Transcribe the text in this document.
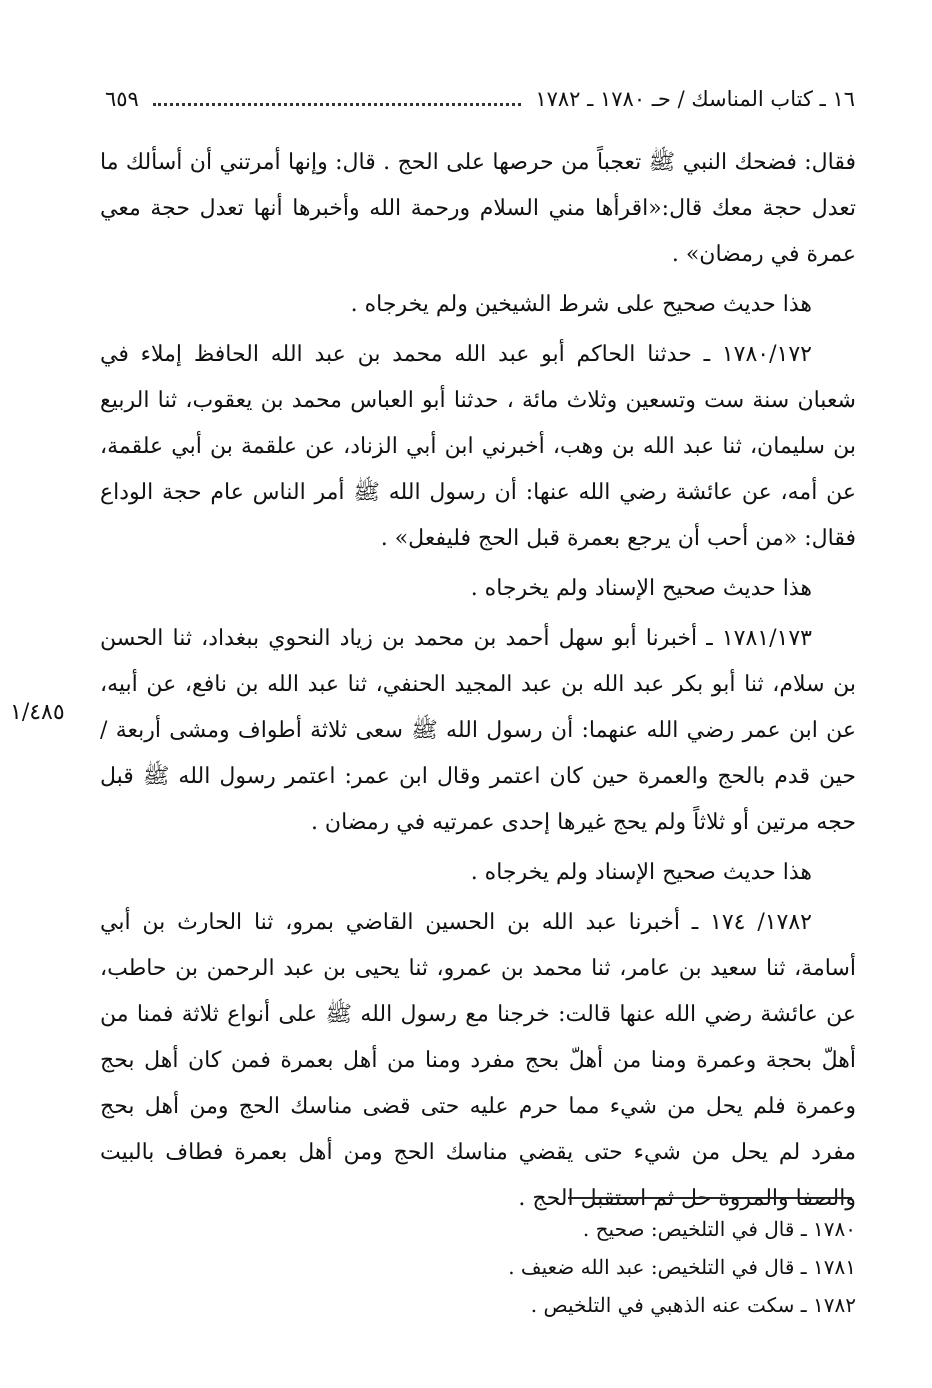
١٦ ـ كتاب المناسك / حـ ١٧٨٠ ـ ١٧٨٢
٦٥٩

فقال: فضحك النبي ﷺ تعجباً من حرصها على الحج . قال: وإنها أمرتني أن أسألك ما تعدل حجة معك قال:«اقرأها مني السلام ورحمة الله وأخبرها أنها تعدل حجة معي عمرة في رمضان» .

هذا حديث صحيح على شرط الشيخين ولم يخرجاه .

١٧٨٠/١٧٢ ـ حدثنا الحاكم أبو عبد الله محمد بن عبد الله الحافظ إملاء في شعبان سنة ست وتسعين وثلاث مائة ، حدثنا أبو العباس محمد بن يعقوب، ثنا الربيع بن سليمان، ثنا عبد الله بن وهب، أخبرني ابن أبي الزناد، عن علقمة بن أبي علقمة، عن أمه، عن عائشة رضي الله عنها: أن رسول الله ﷺ أمر الناس عام حجة الوداع فقال: «من أحب أن يرجع بعمرة قبل الحج فليفعل» .

هذا حديث صحيح الإسناد ولم يخرجاه .

١٧٨١/١٧٣ ـ أخبرنا أبو سهل أحمد بن محمد بن زياد النحوي ببغداد، ثنا الحسن بن سلام، ثنا أبو بكر عبد الله بن عبد المجيد الحنفي، ثنا عبد الله بن نافع، عن أبيه، عن ابن عمر رضي الله عنهما: أن رسول الله ﷺ سعى ثلاثة أطواف ومشى أربعة / حين قدم بالحج والعمرة حين كان اعتمر وقال ابن عمر: اعتمر رسول الله ﷺ قبل حجه مرتين أو ثلاثاً ولم يحج غيرها إحدى عمرتيه في رمضان .

هذا حديث صحيح الإسناد ولم يخرجاه .

١٧٨٢/ ١٧٤ ـ أخبرنا عبد الله بن الحسين القاضي بمرو، ثنا الحارث بن أبي أسامة، ثنا سعيد بن عامر، ثنا محمد بن عمرو، ثنا يحيى بن عبد الرحمن بن حاطب، عن عائشة رضي الله عنها قالت: خرجنا مع رسول الله ﷺ على أنواع ثلاثة فمنا من أهلّ بحجة وعمرة ومنا من أهلّ بحج مفرد ومنا من أهل بعمرة فمن كان أهل بحج وعمرة فلم يحل من شيء مما حرم عليه حتى قضى مناسك الحج ومن أهل بحج مفرد لم يحل من شيء حتى يقضي مناسك الحج ومن أهل بعمرة فطاف بالبيت والصفا والمروة حل ثم استقبل الحج .

١/٤٨٥
١٧٨٠ ـ قال في التلخيص: صحيح .
١٧٨١ ـ قال في التلخيص: عبد الله ضعيف .
١٧٨٢ ـ سكت عنه الذهبي في التلخيص .
